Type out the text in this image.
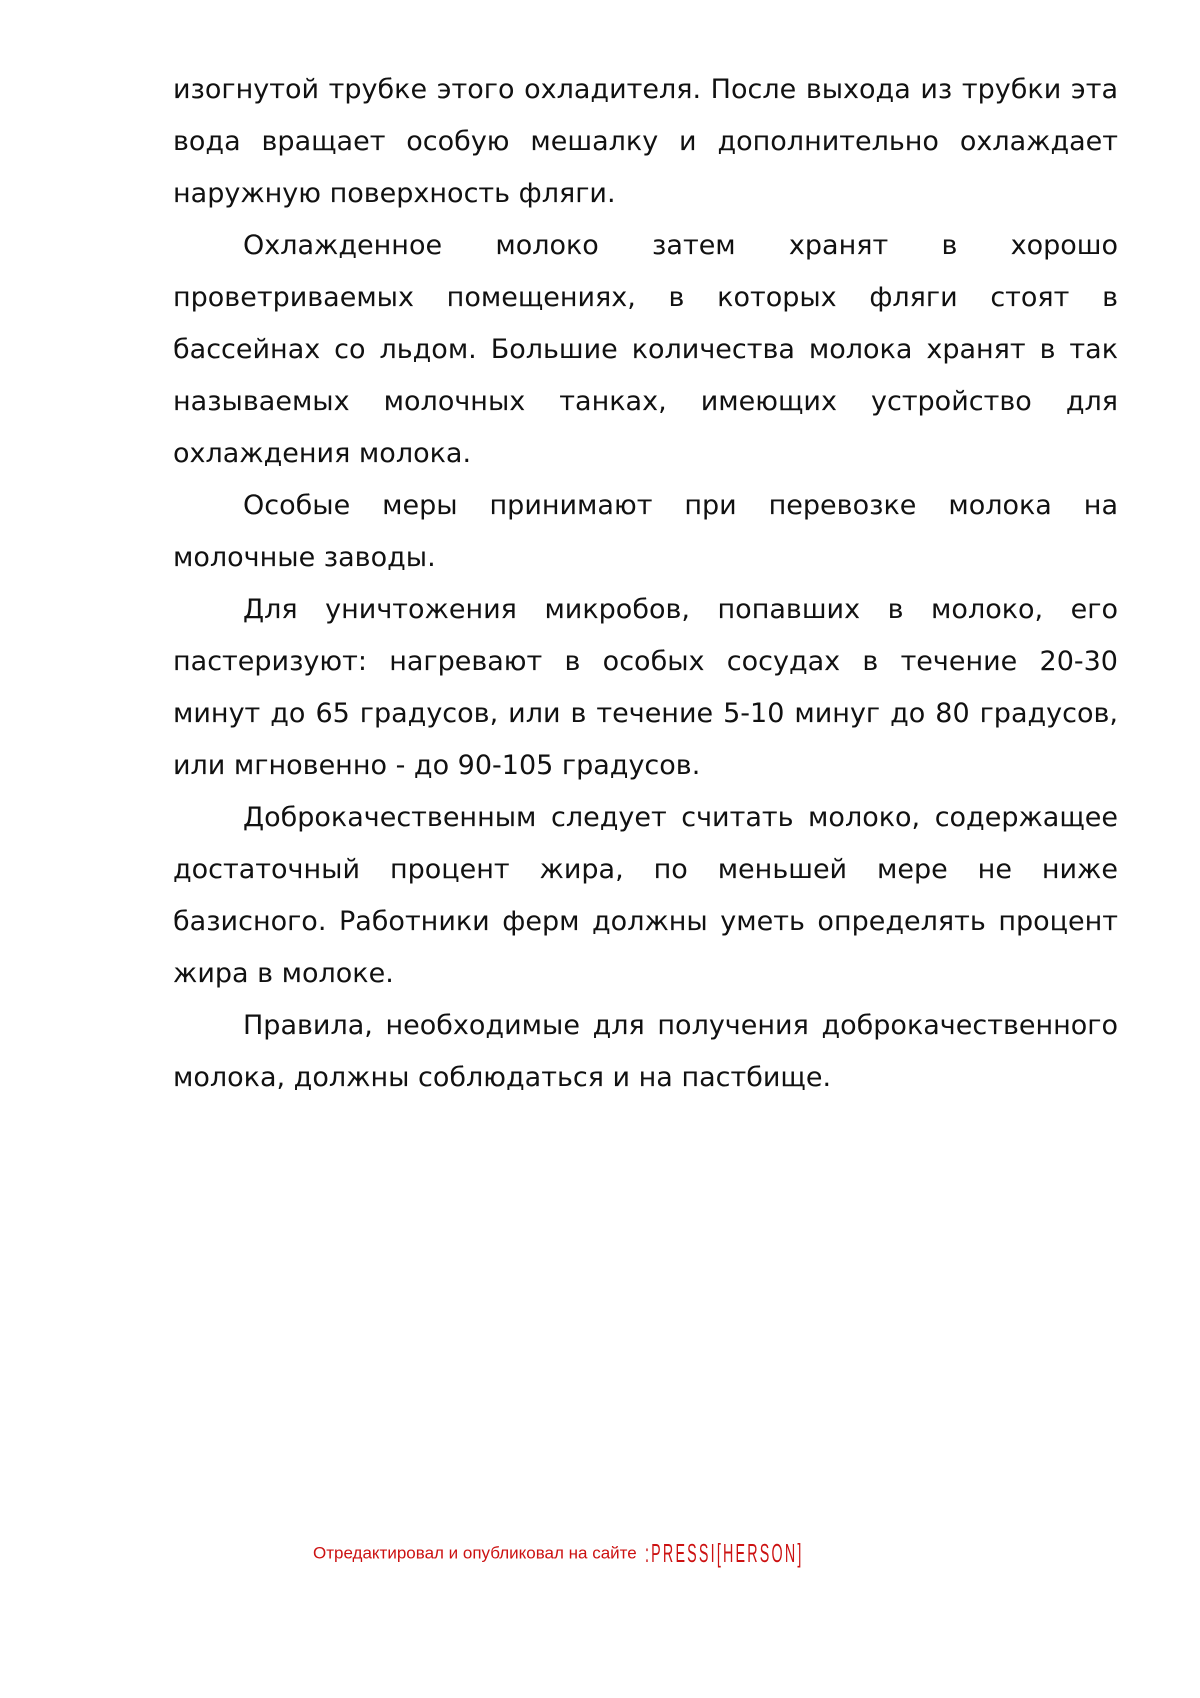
изогнутой трубке этого охладителя. После выхода из трубки эта вода вращает особую мешалку и дополнительно охлаждает наружную поверхность фляги.

Охлажденное молоко затем хранят в хорошо проветриваемых помещениях, в которых фляги стоят в бассейнах со льдом. Большие количества молока хранят в так называемых молочных танках, имеющих устройство для охлаждения молока.

Особые меры принимают при перевозке молока на молочные заводы.

Для уничтожения микробов, попавших в молоко, его пастеризуют: нагревают в особых сосудах в течение 20-30 минут до 65 градусов, или в течение 5-10 минуг до 80 градусов, или мгновенно - до 90-105 градусов.

Доброкачественным следует считать молоко, содержащее достаточный процент жира, по меньшей мере не ниже базисного. Работники ферм должны уметь определять процент жира в молоке.

Правила, необходимые для получения доброкачественного молока, должны соблюдаться и на пастбище.

Отредактировал и опубликовал на сайте :PRESSI[HERSON]
